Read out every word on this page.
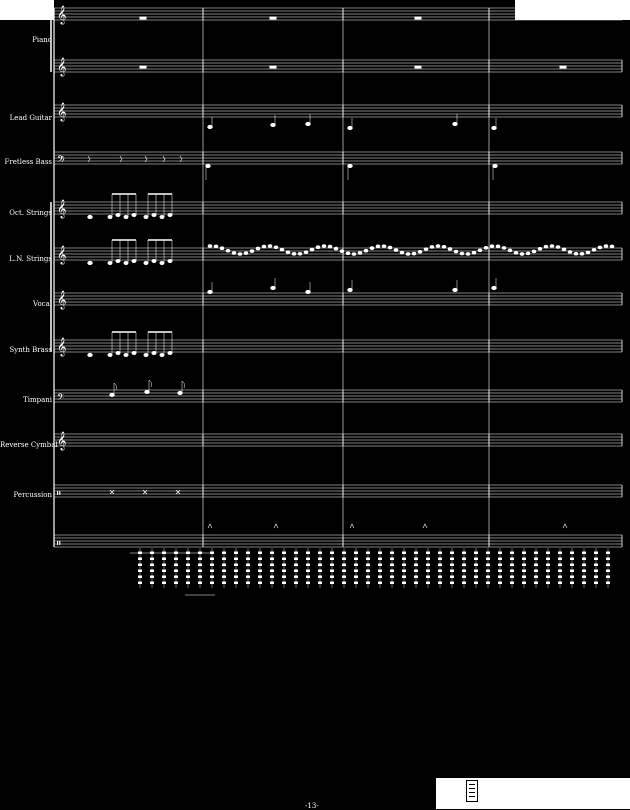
𝄞
𝄞
𝄞
𝄢
𝄞
𝄞
𝄞
𝄞
𝄢
𝄞
𝄥
𝄥
Piano
Lead Guitar
Fretless Bass
Oct. Strings
L.N. Strings
Vocal
Synth Brass
Timpani
Reverse Cymbal
Percussion
-13-
